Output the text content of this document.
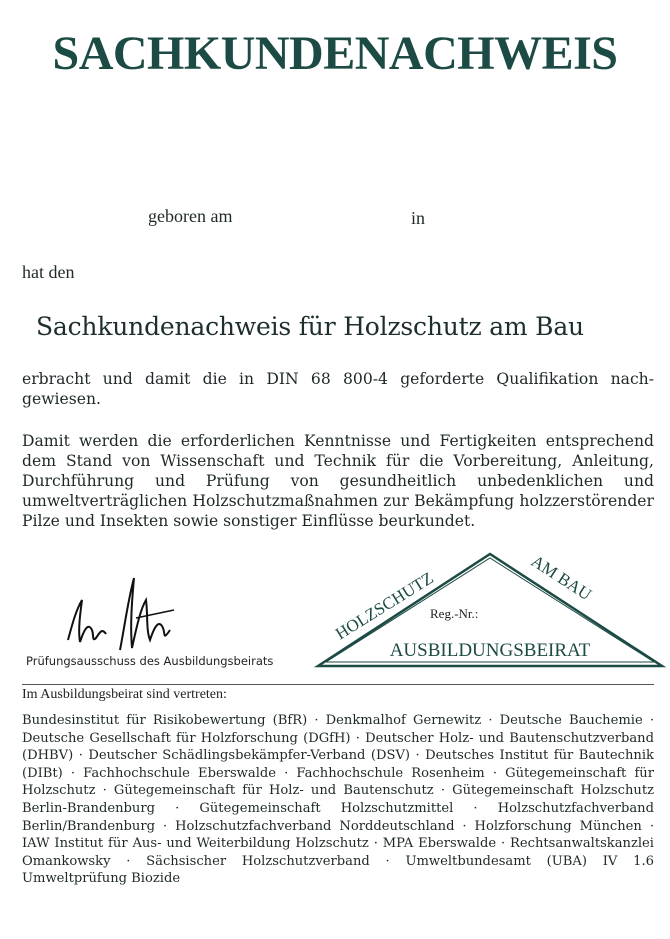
SACHKUNDENACHWEIS
geboren am	in
hat den
Sachkundenachweis für Holzschutz am Bau

erbracht und damit die in DIN 68 800-4 geforderte Qualifikation nach-gewiesen.

Damit werden die erforderlichen Kenntnisse und Fertigkeiten entsprechend dem Stand von Wissenschaft und Technik für die Vorbereitung, Anleitung, Durchführung und Prüfung von gesundheitlich unbedenklichen und umweltverträglichen Holzschutzmaßnahmen zur Bekämpfung holzzerstörender Pilze und Insekten sowie sonstiger Einflüsse beurkundet.

Prüfungsausschuss des Ausbildungsbeirats
HOLZSCHUTZ	AM BAU
Reg.-Nr.:
AUSBILDUNGSBEIRAT
Im Ausbildungsbeirat sind vertreten:

Bundesinstitut für Risikobewertung (BfR) · Denkmalhof Gernewitz · Deutsche Bauchemie · Deutsche Gesellschaft für Holzforschung (DGfH) · Deutscher Holz- und Bautenschutzverband (DHBV) · Deutscher Schädlingsbekämpfer-Verband (DSV) · Deutsches Institut für Bautechnik (DIBt) · Fachhochschule Eberswalde · Fachhochschule Rosenheim · Gütegemeinschaft für Holzschutz · Gütegemeinschaft für Holz- und Bautenschutz · Gütegemeinschaft Holzschutz Berlin-Brandenburg · Gütegemeinschaft Holzschutzmittel · Holzschutzfachverband Berlin/Brandenburg · Holzschutzfachverband Norddeutschland · Holzforschung München · IAW Institut für Aus- und Weiterbildung Holzschutz · MPA Eberswalde · Rechtsanwaltskanzlei Omankowsky · Sächsischer Holzschutzverband · Umweltbundesamt (UBA) IV 1.6 Umweltprüfung Biozide
